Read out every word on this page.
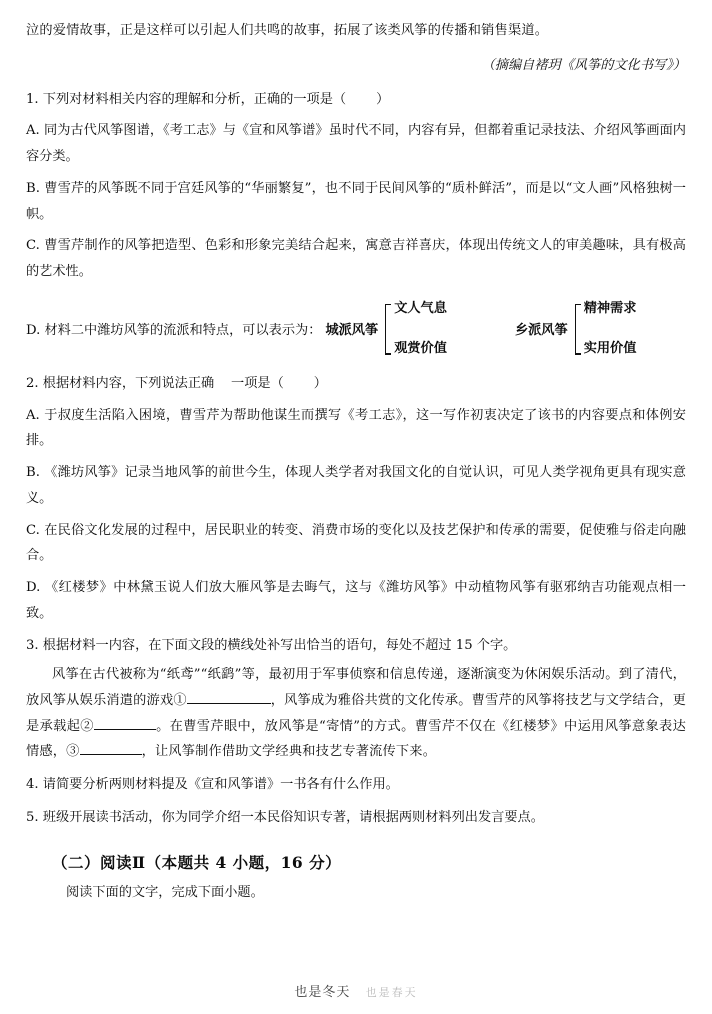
泣的爱情故事，正是这样可以引起人们共鸣的故事，拓展了该类风筝的传播和销售渠道。

（摘编自褚玥《风筝的文化书写》）

1. 下列对材料相关内容的理解和分析，正确的一项是（ ）

A. 同为古代风筝图谱，《考工志》与《宣和风筝谱》虽时代不同，内容有异，但都着重记录技法、介绍风筝画面内容分类。

B. 曹雪芹的风筝既不同于宫廷风筝的“华丽繁复”，也不同于民间风筝的“质朴鲜活”，而是以“文人画”风格独树一帜。

C. 曹雪芹制作的风筝把造型、色彩和形象完美结合起来，寓意吉祥喜庆，体现出传统文人的审美趣味，具有极高的艺术性。

D. 材料二中潍坊风筝的流派和特点，可以表示为： 城派风筝
文人气息
观赏价值
乡派风筝
精神需求
实用价值

2. 根据材料内容，下列说法正确 一项是（ ）

A. 于叔度生活陷入困境，曹雪芹为帮助他谋生而撰写《考工志》，这一写作初衷决定了该书的内容要点和体例安排。

B. 《潍坊风筝》记录当地风筝的前世今生，体现人类学者对我国文化的自觉认识，可见人类学视角更具有现实意义。

C. 在民俗文化发展的过程中，居民职业的转变、消费市场的变化以及技艺保护和传承的需要，促使雅与俗走向融合。

D. 《红楼梦》中林黛玉说人们放大雁风筝是去晦气，这与《潍坊风筝》中动植物风筝有驱邪纳吉功能观点相一致。

3. 根据材料一内容，在下面文段的横线处补写出恰当的语句，每处不超过 15 个字。

风筝在古代被称为“纸鸢”“纸鹞”等，最初用于军事侦察和信息传递，逐渐演变为休闲娱乐活动。到了清代，放风筝从娱乐消遣的游戏①	，风筝成为雅俗共赏的文化传承。曹雪芹的风筝将技艺与文学结合，更是承载起②	。在曹雪芹眼中，放风筝是“寄情”的方式。曹雪芹不仅在《红楼梦》中运用风筝意象表达情感，③	，让风筝制作借助文学经典和技艺专著流传下来。

4. 请简要分析两则材料提及《宣和风筝谱》一书各有什么作用。

5. 班级开展读书活动，你为同学介绍一本民俗知识专著，请根据两则材料列出发言要点。

（二）阅读Ⅱ（本题共 4 小题，16 分）

阅读下面的文字，完成下面小题。

也是冬天 也是春天
